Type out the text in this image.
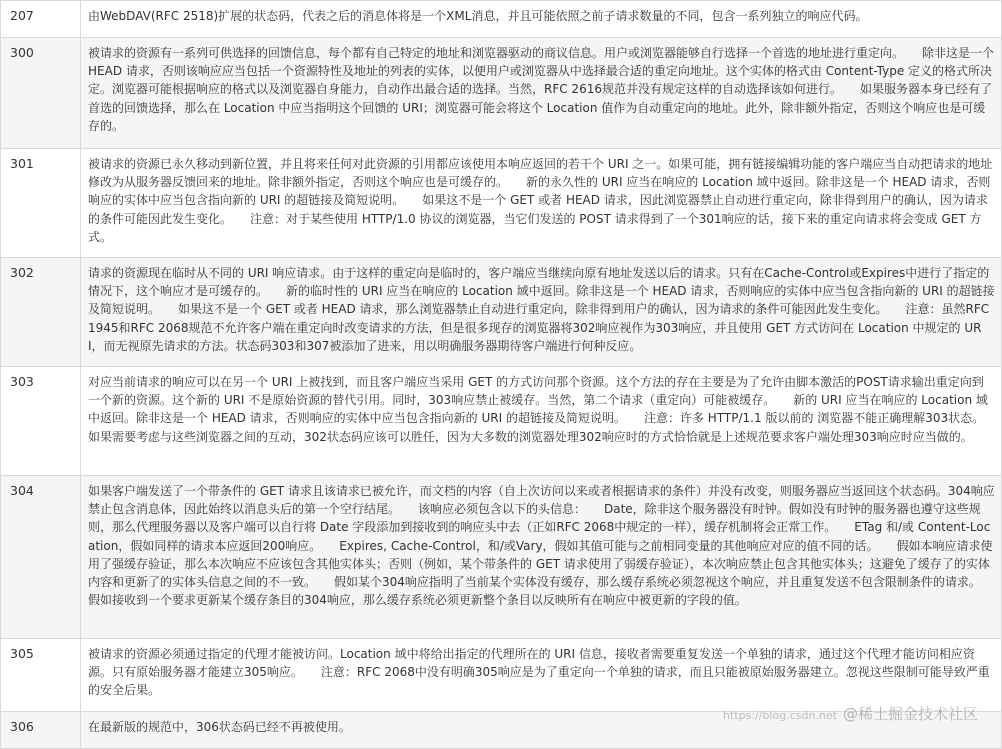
207	由WebDAV(RFC 2518)扩展的状态码，代表之后的消息体将是一个XML消息，并且可能依照之前子请求数量的不同，包含一系列独立的响应代码。
300	被请求的资源有一系列可供选择的回馈信息，每个都有自己特定的地址和浏览器驱动的商议信息。用户或浏览器能够自行选择一个首选的地址进行重定向。　　除非这是一个 HEAD 请求，否则该响应应当包括一个资源特性及地址的列表的实体，以便用户或浏览器从中选择最合适的重定向地址。这个实体的格式由 Content-Type 定义的格式所决定。浏览器可能根据响应的格式以及浏览器自身能力，自动作出最合适的选择。当然，RFC 2616规范并没有规定这样的自动选择该如何进行。　　如果服务器本身已经有了首选的回馈选择，那么在 Location 中应当指明这个回馈的 URI；浏览器可能会将这个 Location 值作为自动重定向的地址。此外，除非额外指定，否则这个响应也是可缓存的。
301	被请求的资源已永久移动到新位置，并且将来任何对此资源的引用都应该使用本响应返回的若干个 URI 之一。如果可能，拥有链接编辑功能的客户端应当自动把请求的地址修改为从服务器反馈回来的地址。除非额外指定，否则这个响应也是可缓存的。　　新的永久性的 URI 应当在响应的 Location 域中返回。除非这是一个 HEAD 请求，否则响应的实体中应当包含指向新的 URI 的超链接及简短说明。　　如果这不是一个 GET 或者 HEAD 请求，因此浏览器禁止自动进行重定向，除非得到用户的确认，因为请求的条件可能因此发生变化。　　注意：对于某些使用 HTTP/1.0 协议的浏览器，当它们发送的 POST 请求得到了一个301响应的话，接下来的重定向请求将会变成 GET 方式。
302	请求的资源现在临时从不同的 URI 响应请求。由于这样的重定向是临时的，客户端应当继续向原有地址发送以后的请求。只有在Cache-Control或Expires中进行了指定的情况下，这个响应才是可缓存的。　　新的临时性的 URI 应当在响应的 Location 域中返回。除非这是一个 HEAD 请求，否则响应的实体中应当包含指向新的 URI 的超链接及简短说明。　　如果这不是一个 GET 或者 HEAD 请求，那么浏览器禁止自动进行重定向，除非得到用户的确认，因为请求的条件可能因此发生变化。　　注意：虽然RFC 1945和RFC 2068规范不允许客户端在重定向时改变请求的方法，但是很多现存的浏览器将302响应视作为303响应，并且使用 GET 方式访问在 Location 中规定的 URI，而无视原先请求的方法。状态码303和307被添加了进来，用以明确服务器期待客户端进行何种反应。
303	对应当前请求的响应可以在另一个 URI 上被找到，而且客户端应当采用 GET 的方式访问那个资源。这个方法的存在主要是为了允许由脚本激活的POST请求输出重定向到一个新的资源。这个新的 URI 不是原始资源的替代引用。同时，303响应禁止被缓存。当然，第二个请求（重定向）可能被缓存。　　新的 URI 应当在响应的 Location 域中返回。除非这是一个 HEAD 请求，否则响应的实体中应当包含指向新的 URI 的超链接及简短说明。　　注意：许多 HTTP/1.1 版以前的 浏览器不能正确理解303状态。如果需要考虑与这些浏览器之间的互动，302状态码应该可以胜任，因为大多数的浏览器处理302响应时的方式恰恰就是上述规范要求客户端处理303响应时应当做的。
304	如果客户端发送了一个带条件的 GET 请求且该请求已被允许，而文档的内容（自上次访问以来或者根据请求的条件）并没有改变，则服务器应当返回这个状态码。304响应禁止包含消息体，因此始终以消息头后的第一个空行结尾。　　该响应必须包含以下的头信息：　　Date，除非这个服务器没有时钟。假如没有时钟的服务器也遵守这些规则，那么代理服务器以及客户端可以自行将 Date 字段添加到接收到的响应头中去（正如RFC 2068中规定的一样），缓存机制将会正常工作。　　ETag 和/或 Content-Location，假如同样的请求本应返回200响应。　　Expires, Cache-Control，和/或Vary，假如其值可能与之前相同变量的其他响应对应的值不同的话。　　假如本响应请求使用了强缓存验证，那么本次响应不应该包含其他实体头；否则（例如，某个带条件的 GET 请求使用了弱缓存验证），本次响应禁止包含其他实体头；这避免了缓存了的实体内容和更新了的实体头信息之间的不一致。　　假如某个304响应指明了当前某个实体没有缓存，那么缓存系统必须忽视这个响应，并且重复发送不包含限制条件的请求。　　假如接收到一个要求更新某个缓存条目的304响应，那么缓存系统必须更新整个条目以反映所有在响应中被更新的字段的值。
305	被请求的资源必须通过指定的代理才能被访问。Location 域中将给出指定的代理所在的 URI 信息，接收者需要重复发送一个单独的请求，通过这个代理才能访问相应资源。只有原始服务器才能建立305响应。　　注意：RFC 2068中没有明确305响应是为了重定向一个单独的请求，而且只能被原始服务器建立。忽视这些限制可能导致严重的安全后果。
306	在最新版的规范中，306状态码已经不再被使用。
https://blog.csdn.net @稀土掘金技术社区
